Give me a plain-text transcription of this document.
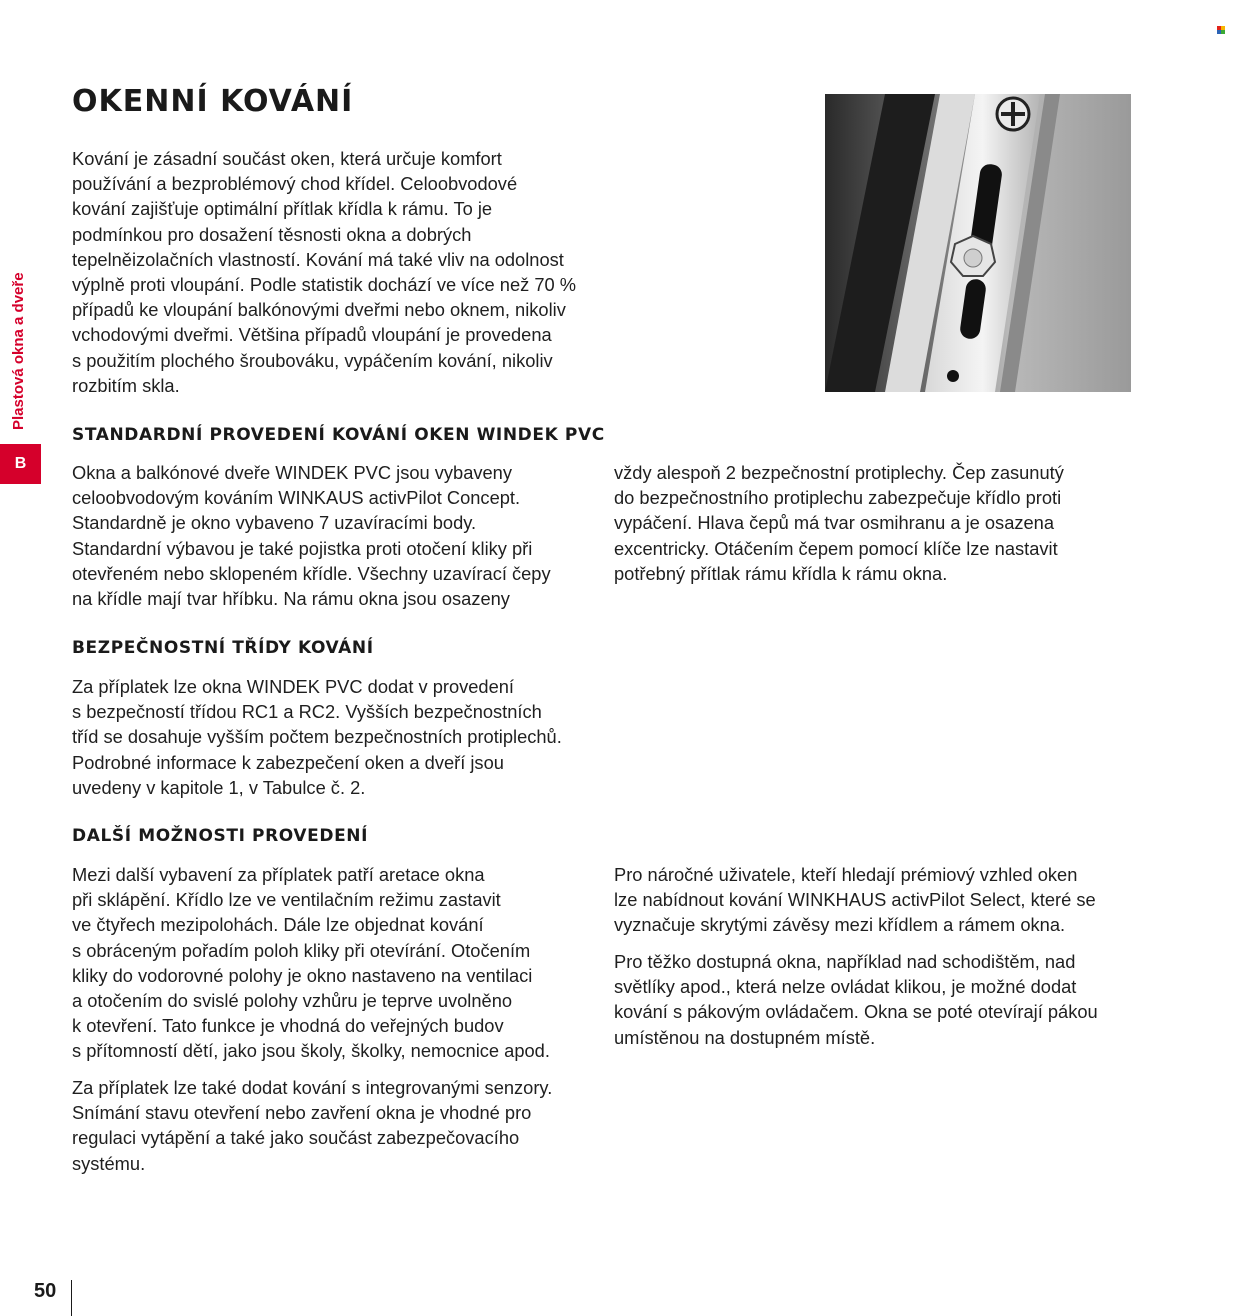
OKENNÍ KOVÁNÍ
Kování je zásadní součást oken, která určuje komfort
používání a bezproblémový chod křídel. Celoobvodové
kování zajišťuje optimální přítlak křídla k rámu. To je
podmínkou pro dosažení těsnosti okna a dobrých
tepelněizolačních vlastností. Kování má také vliv na odolnost
výplně proti vloupání. Podle statistik dochází ve více než 70 %
případů ke vloupání balkónovými dveřmi nebo oknem, nikoliv
vchodovými dveřmi. Většina případů vloupání je provedena
s použitím plochého šroubováku, vypáčením kování, nikoliv
rozbitím skla.
Plastová okna a dveře
B
STANDARDNÍ PROVEDENÍ KOVÁNÍ OKEN WINDEK PVC
Okna a balkónové dveře WINDEK PVC jsou vybaveny
celoobvodovým kováním WINKAUS activPilot Concept.
Standardně je okno vybaveno 7 uzavíracími body.
Standardní výbavou je také pojistka proti otočení kliky při
otevřeném nebo sklopeném křídle. Všechny uzavírací čepy
na křídle mají tvar hříbku. Na rámu okna jsou osazeny
vždy alespoň 2 bezpečnostní protiplechy. Čep zasunutý
do bezpečnostního protiplechu zabezpečuje křídlo proti
vypáčení. Hlava čepů má tvar osmihranu a je osazena
excentricky. Otáčením čepem pomocí klíče lze nastavit
potřebný přítlak rámu křídla k rámu okna.
BEZPEČNOSTNÍ TŘÍDY KOVÁNÍ
Za příplatek lze okna WINDEK PVC dodat v provedení
s bezpečností třídou RC1 a RC2. Vyšších bezpečnostních
tříd se dosahuje vyšším počtem bezpečnostních protiplechů.
Podrobné informace k zabezpečení oken a dveří jsou
uvedeny v kapitole 1, v Tabulce č. 2.
DALŠÍ MOŽNOSTI PROVEDENÍ
Mezi další vybavení za příplatek patří aretace okna
při sklápění. Křídlo lze ve ventilačním režimu zastavit
ve čtyřech mezipolohách. Dále lze objednat kování
s obráceným pořadím poloh kliky při otevírání. Otočením
kliky do vodorovné polohy je okno nastaveno na ventilaci
a otočením do svislé polohy vzhůru je teprve uvolněno
k otevření. Tato funkce je vhodná do veřejných budov
s přítomností dětí, jako jsou školy, školky, nemocnice apod.
Za příplatek lze také dodat kování s integrovanými senzory.
Snímání stavu otevření nebo zavření okna je vhodné pro
regulaci vytápění a také jako součást zabezpečovacího
systému.
Pro náročné uživatele, kteří hledají prémiový vzhled oken
lze nabídnout kování WINKHAUS activPilot Select, které se
vyznačuje skrytými závěsy mezi křídlem a rámem okna.
Pro těžko dostupná okna, například nad schodištěm, nad
světlíky apod., která nelze ovládat klikou, je možné dodat
kování s pákovým ovládačem. Okna se poté otevírají pákou
umístěnou na dostupném místě.
50
